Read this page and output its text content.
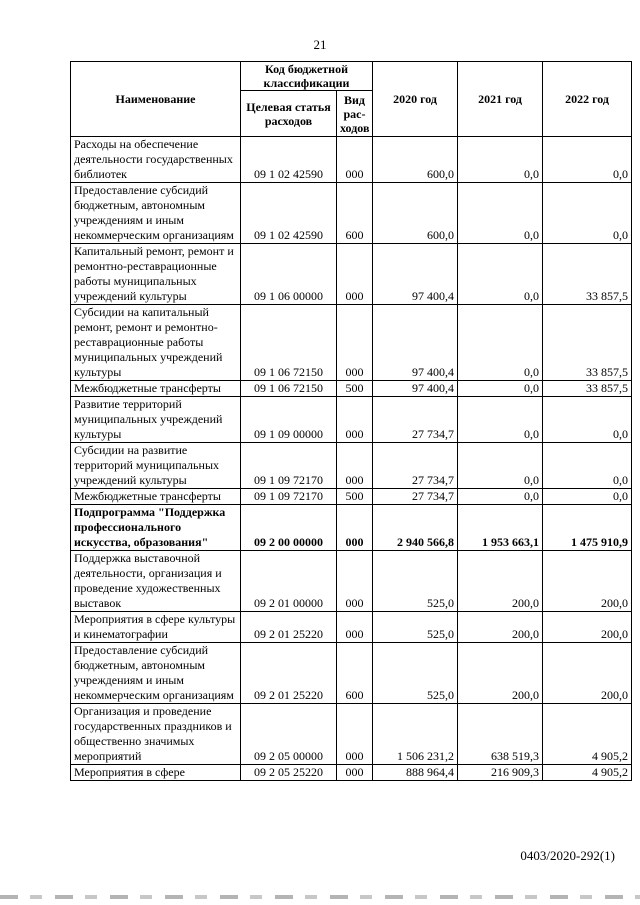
21
Наименование	Код бюджетной классификации		2020 год	2021 год	2022 год
	Целевая статья расходов	Вид рас-ходов			
Расходы на обеспечение деятельности государственных библиотек	09 1 02 42590	000	600,0	0,0	0,0
Предоставление субсидий бюджетным, автономным учреждениям и иным некоммерческим организациям	09 1 02 42590	600	600,0	0,0	0,0
Капитальный ремонт, ремонт и ремонтно-реставрационные работы муниципальных учреждений культуры	09 1 06 00000	000	97 400,4	0,0	33 857,5
Субсидии на капитальный ремонт, ремонт и ремонтно-реставрационные работы муниципальных учреждений культуры	09 1 06 72150	000	97 400,4	0,0	33 857,5
Межбюджетные трансферты	09 1 06 72150	500	97 400,4	0,0	33 857,5
Развитие территорий муниципальных учреждений культуры	09 1 09 00000	000	27 734,7	0,0	0,0
Субсидии на развитие территорий муниципальных учреждений культуры	09 1 09 72170	000	27 734,7	0,0	0,0
Межбюджетные трансферты	09 1 09 72170	500	27 734,7	0,0	0,0
Подпрограмма "Поддержка профессионального искусства, образования"	09 2 00 00000	000	2 940 566,8	1 953 663,1	1 475 910,9
Поддержка выставочной деятельности, организация и проведение художественных выставок	09 2 01 00000	000	525,0	200,0	200,0
Мероприятия в сфере культуры и кинематографии	09 2 01 25220	000	525,0	200,0	200,0
Предоставление субсидий бюджетным, автономным учреждениям и иным некоммерческим организациям	09 2 01 25220	600	525,0	200,0	200,0
Организация и проведение государственных праздников и общественно значимых мероприятий	09 2 05 00000	000	1 506 231,2	638 519,3	4 905,2
Мероприятия в сфере	09 2 05 25220	000	888 964,4	216 909,3	4 905,2
0403/2020-292(1)
